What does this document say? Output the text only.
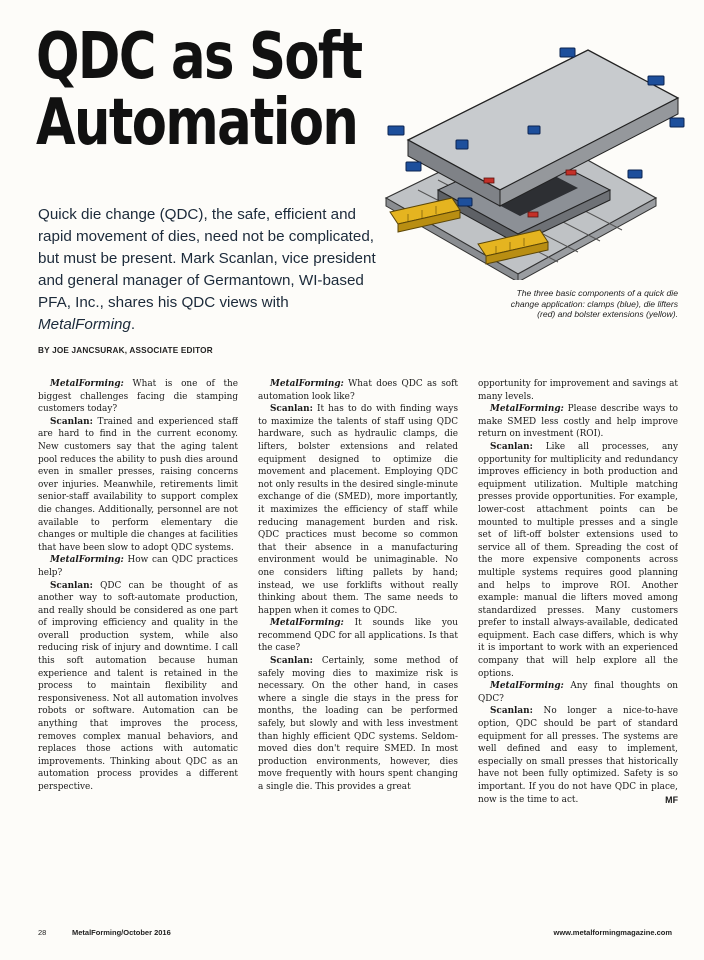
QDC as Soft
Automation

Quick die change (QDC), the safe, efficient and rapid movement of dies, need not be complicated, but must be present. Mark Scanlan, vice president and general manager of Germantown, WI-based PFA, Inc., shares his QDC views with MetalForming.

The three basic components of a quick die change application: clamps (blue), die lifters (red) and bolster extensions (yellow).

BY JOE JANCSURAK, ASSOCIATE EDITOR

MetalForming: What is one of the biggest challenges facing die stamping customers today?

Scanlan: Trained and experienced staff are hard to find in the current economy. New customers say that the aging talent pool reduces the ability to push dies around even in smaller presses, raising concerns over injuries. Meanwhile, retirements limit senior-staff availability to support complex die changes. Additionally, personnel are not available to perform elementary die changes or multiple die changes at facilities that have been slow to adopt QDC systems.

MetalForming: How can QDC practices help?

Scanlan: QDC can be thought of as another way to soft-automate production, and really should be considered as one part of improving efficiency and quality in the overall production system, while also reducing risk of injury and downtime. I call this soft automation because human experience and talent is retained in the process to maintain flexibility and responsiveness. Not all automation involves robots or software. Automation can be anything that improves the process, removes complex manual behaviors, and replaces those actions with automatic improvements. Thinking about QDC as an automation process provides a different perspective.

MetalForming: What does QDC as soft automation look like?

Scanlan: It has to do with finding ways to maximize the talents of staff using QDC hardware, such as hydraulic clamps, die lifters, bolster extensions and related equipment designed to optimize die movement and placement. Employing QDC not only results in the desired single-minute exchange of die (SMED), more importantly, it maximizes the efficiency of staff while reducing management burden and risk. QDC practices must become so common that their absence in a manufacturing environment would be unimaginable. No one considers lifting pallets by hand; instead, we use forklifts without really thinking about them. The same needs to happen when it comes to QDC.

MetalForming: It sounds like you recommend QDC for all applications. Is that the case?

Scanlan: Certainly, some method of safely moving dies to maximize risk is necessary. On the other hand, in cases where a single die stays in the press for months, the loading can be performed safely, but slowly and with less investment than highly efficient QDC systems. Seldom-moved dies don't require SMED. In most production environments, however, dies move frequently with hours spent changing a single die. This provides a great

opportunity for improvement and savings at many levels.

MetalForming: Please describe ways to make SMED less costly and help improve return on investment (ROI).

Scanlan: Like all processes, any opportunity for multiplicity and redundancy improves efficiency in both production and equipment utilization. Multiple matching presses provide opportunities. For example, lower-cost attachment points can be mounted to multiple presses and a single set of lift-off bolster extensions used to service all of them. Spreading the cost of the more expensive components across multiple systems requires good planning and helps to improve ROI. Another example: manual die lifters moved among standardized presses. Many customers prefer to install always-available, dedicated equipment. Each case differs, which is why it is important to work with an experienced company that will help explore all the options.

MetalForming: Any final thoughts on QDC?

Scanlan: No longer a nice-to-have option, QDC should be part of standard equipment for all presses. The systems are well defined and easy to implement, especially on small presses that historically have not been fully optimized. Safety is so important. If you do not have QDC in place, now is the time to act.	MF

28	MetalForming/October 2016	www.metalformingmagazine.com
